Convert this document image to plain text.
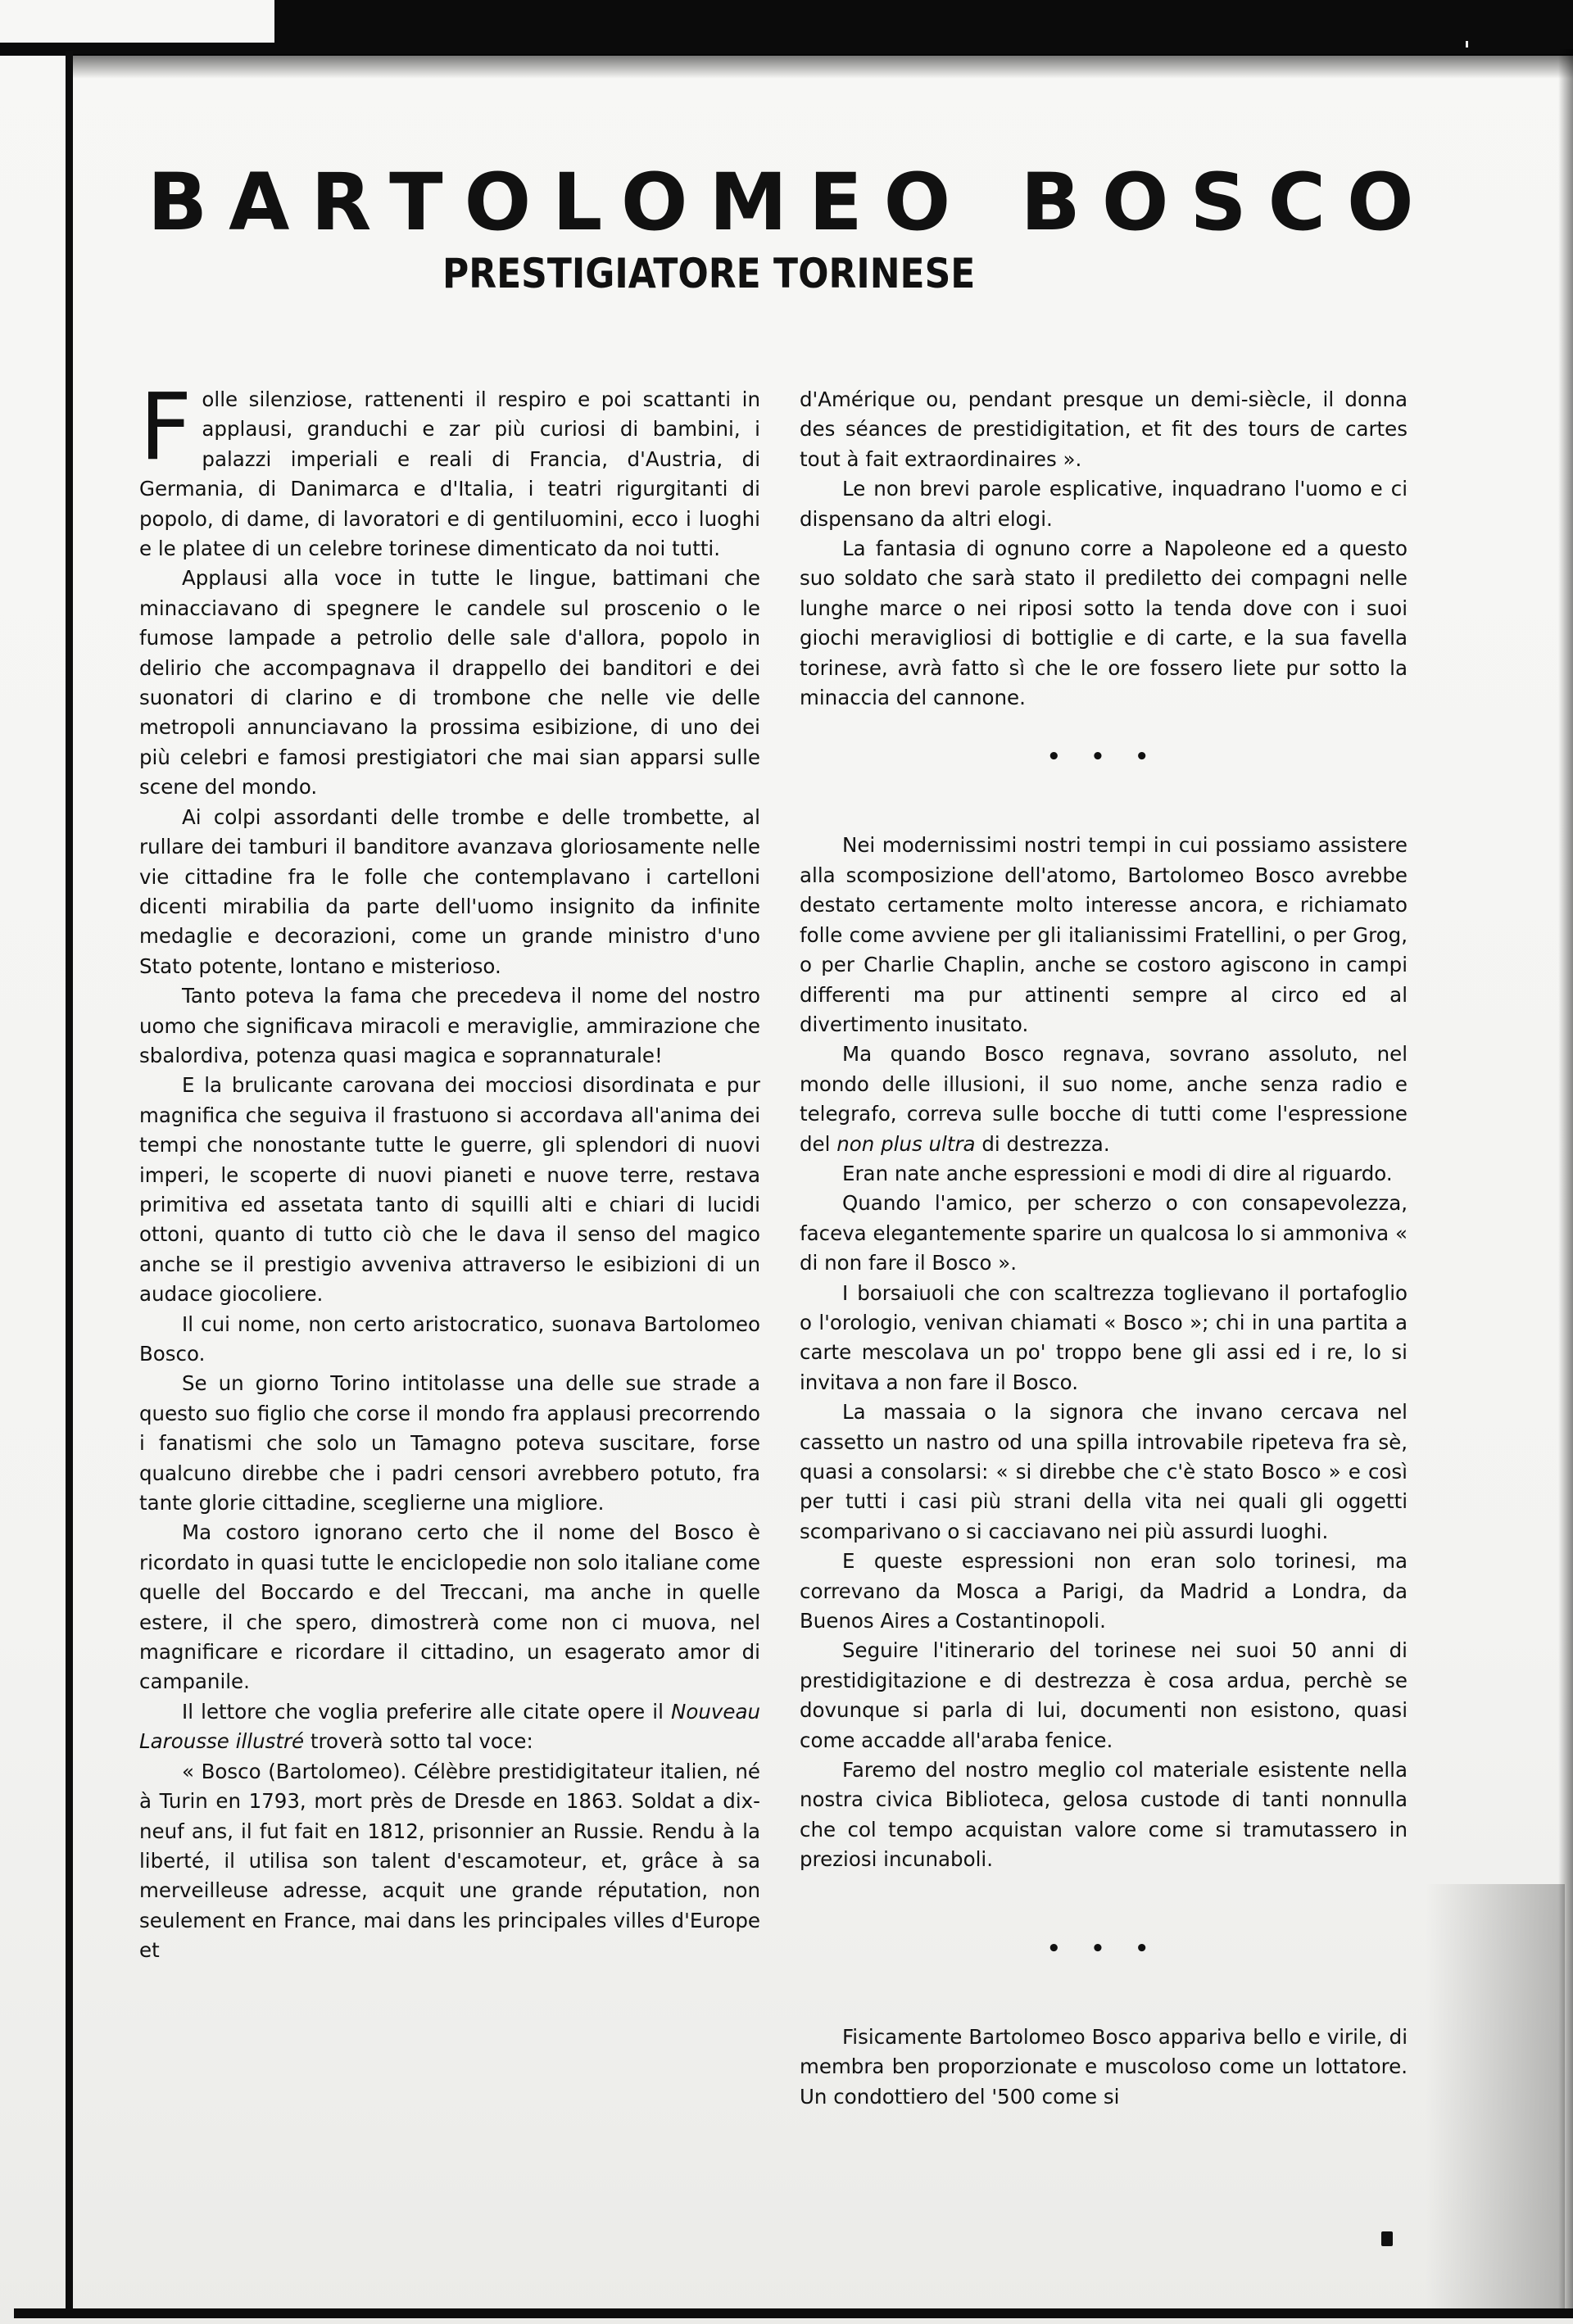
BARTOLOMEO BOSCO
PRESTIGIATORE TORINESE

Folle silenziose, rattenenti il respiro e poi scattanti in applausi, granduchi e zar più curiosi di bambini, i palazzi imperiali e reali di Francia, d'Austria, di Germania, di Danimarca e d'Italia, i teatri rigurgitanti di popolo, di dame, di lavoratori e di gentiluomini, ecco i luoghi e le platee di un celebre torinese dimenticato da noi tutti.

Applausi alla voce in tutte le lingue, battimani che minacciavano di spegnere le candele sul proscenio o le fumose lampade a petrolio delle sale d'allora, popolo in delirio che accompagnava il drappello dei banditori e dei suonatori di clarino e di trombone che nelle vie delle metropoli annunciavano la prossima esibizione, di uno dei più celebri e famosi prestigiatori che mai sian apparsi sulle scene del mondo.

Ai colpi assordanti delle trombe e delle trombette, al rullare dei tamburi il banditore avanzava gloriosamente nelle vie cittadine fra le folle che contemplavano i cartelloni dicenti mirabilia da parte dell'uomo insignito da infinite medaglie e decorazioni, come un grande ministro d'uno Stato potente, lontano e misterioso.

Tanto poteva la fama che precedeva il nome del nostro uomo che significava miracoli e meraviglie, ammirazione che sbalordiva, potenza quasi magica e soprannaturale!

E la brulicante carovana dei mocciosi disordinata e pur magnifica che seguiva il frastuono si accordava all'anima dei tempi che nonostante tutte le guerre, gli splendori di nuovi imperi, le scoperte di nuovi pianeti e nuove terre, restava primitiva ed assetata tanto di squilli alti e chiari di lucidi ottoni, quanto di tutto ciò che le dava il senso del magico anche se il prestigio avveniva attraverso le esibizioni di un audace giocoliere.

Il cui nome, non certo aristocratico, suonava Bartolomeo Bosco.

Se un giorno Torino intitolasse una delle sue strade a questo suo figlio che corse il mondo fra applausi precorrendo i fanatismi che solo un Tamagno poteva suscitare, forse qualcuno direbbe che i padri censori avrebbero potuto, fra tante glorie cittadine, sceglierne una migliore.

Ma costoro ignorano certo che il nome del Bosco è ricordato in quasi tutte le enciclopedie non solo italiane come quelle del Boccardo e del Treccani, ma anche in quelle estere, il che spero, dimostrerà come non ci muova, nel magnificare e ricordare il cittadino, un esagerato amor di campanile.

Il lettore che voglia preferire alle citate opere il Nouveau Larousse illustré troverà sotto tal voce:

« Bosco (Bartolomeo). Célèbre prestidigitateur italien, né à Turin en 1793, mort près de Dresde en 1863. Soldat a dix-neuf ans, il fut fait en 1812, prisonnier an Russie. Rendu à la liberté, il utilisa son talent d'escamoteur, et, grâce à sa merveilleuse adresse, acquit une grande réputation, non seulement en France, mai dans les principales villes d'Europe et

d'Amérique ou, pendant presque un demi-siècle, il donna des séances de prestidigitation, et fit des tours de cartes tout à fait extraordinaires ».

Le non brevi parole esplicative, inquadrano l'uomo e ci dispensano da altri elogi.

La fantasia di ognuno corre a Napoleone ed a questo suo soldato che sarà stato il prediletto dei compagni nelle lunghe marce o nei riposi sotto la tenda dove con i suoi giochi meravigliosi di bottiglie e di carte, e la sua favella torinese, avrà fatto sì che le ore fossero liete pur sotto la minaccia del cannone.

• • •

Nei modernissimi nostri tempi in cui possiamo assistere alla scomposizione dell'atomo, Bartolomeo Bosco avrebbe destato certamente molto interesse ancora, e richiamato folle come avviene per gli italianissimi Fratellini, o per Grog, o per Charlie Chaplin, anche se costoro agiscono in campi differenti ma pur attinenti sempre al circo ed al divertimento inusitato.

Ma quando Bosco regnava, sovrano assoluto, nel mondo delle illusioni, il suo nome, anche senza radio e telegrafo, correva sulle bocche di tutti come l'espressione del non plus ultra di destrezza.

Eran nate anche espressioni e modi di dire al riguardo.

Quando l'amico, per scherzo o con consapevolezza, faceva elegantemente sparire un qualcosa lo si ammoniva « di non fare il Bosco ».

I borsaiuoli che con scaltrezza toglievano il portafoglio o l'orologio, venivan chiamati « Bosco »; chi in una partita a carte mescolava un po' troppo bene gli assi ed i re, lo si invitava a non fare il Bosco.

La massaia o la signora che invano cercava nel cassetto un nastro od una spilla introvabile ripeteva fra sè, quasi a consolarsi: « si direbbe che c'è stato Bosco » e così per tutti i casi più strani della vita nei quali gli oggetti scomparivano o si cacciavano nei più assurdi luoghi.

E queste espressioni non eran solo torinesi, ma correvano da Mosca a Parigi, da Madrid a Londra, da Buenos Aires a Costantinopoli.

Seguire l'itinerario del torinese nei suoi 50 anni di prestidigitazione e di destrezza è cosa ardua, perchè se dovunque si parla di lui, documenti non esistono, quasi come accadde all'araba fenice.

Faremo del nostro meglio col materiale esistente nella nostra civica Biblioteca, gelosa custode di tanti nonnulla che col tempo acquistan valore come si tramutassero in preziosi incunaboli.

• • •

Fisicamente Bartolomeo Bosco appariva bello e virile, di membra ben proporzionate e muscoloso come un lottatore. Un condottiero del '500 come si
